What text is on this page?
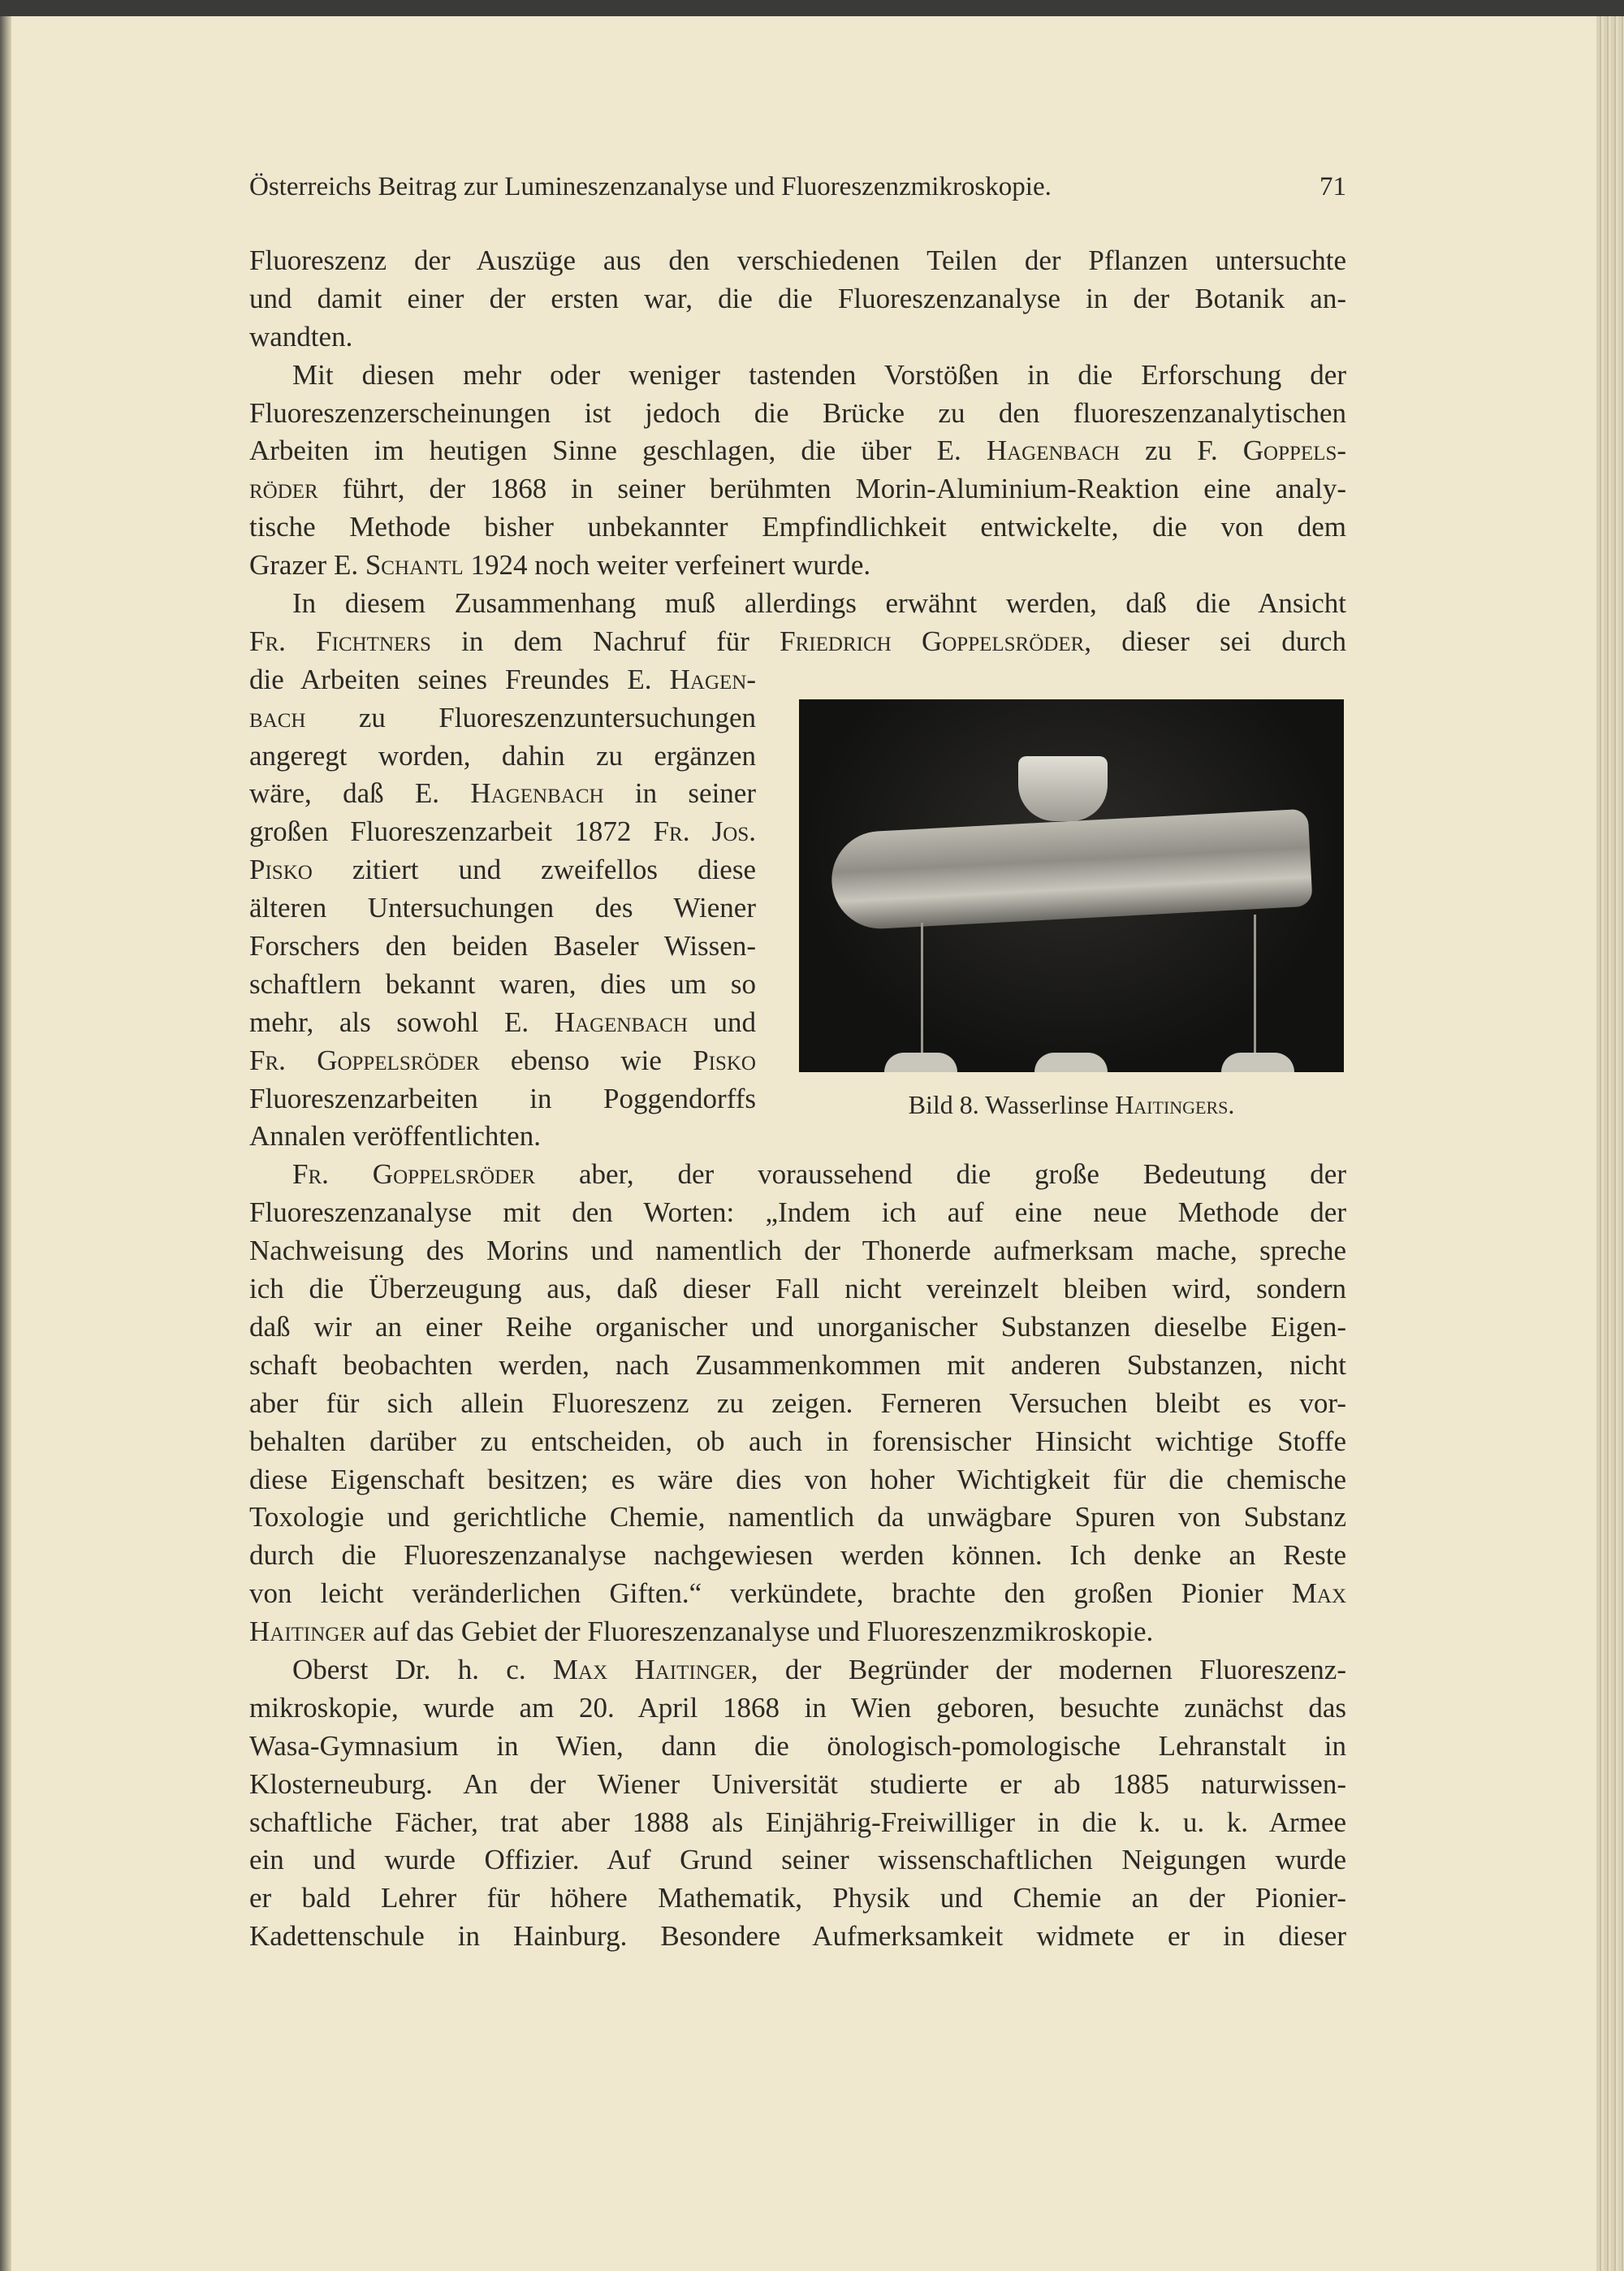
Österreichs Beitrag zur Lumineszenzanalyse und Fluoreszenzmikroskopie.	71
Fluoreszenz der Auszüge aus den verschiedenen Teilen der Pflanzen untersuchte
und damit einer der ersten war, die die Fluoreszenzanalyse in der Botanik an-
wandten.
Mit diesen mehr oder weniger tastenden Vorstößen in die Erforschung der
Fluoreszenzerscheinungen ist jedoch die Brücke zu den fluoreszenzanalytischen
Arbeiten im heutigen Sinne geschlagen, die über E. Hagenbach zu F. Goppels-
röder führt, der 1868 in seiner berühmten Morin-Aluminium-Reaktion eine analy-
tische Methode bisher unbekannter Empfindlichkeit entwickelte, die von dem
Grazer E. Schantl 1924 noch weiter verfeinert wurde.
In diesem Zusammenhang muß allerdings erwähnt werden, daß die Ansicht
Fr. Fichtners in dem Nachruf für Friedrich Goppelsröder, dieser sei durch
die Arbeiten seines Freundes E. Hagen-
bach zu Fluoreszenzuntersuchungen
angeregt worden, dahin zu ergänzen
wäre, daß E. Hagenbach in seiner
großen Fluoreszenzarbeit 1872 Fr. Jos.
Pisko zitiert und zweifellos diese
älteren Untersuchungen des Wiener
Forschers den beiden Baseler Wissen-
schaftlern bekannt waren, dies um so
mehr, als sowohl E. Hagenbach und
Fr. Goppelsröder ebenso wie Pisko
Fluoreszenzarbeiten in Poggendorffs
Annalen veröffentlichten.
Fr. Goppelsröder aber, der voraussehend die große Bedeutung der
Fluoreszenzanalyse mit den Worten: „Indem ich auf eine neue Methode der
Nachweisung des Morins und namentlich der Thonerde aufmerksam mache, spreche
ich die Überzeugung aus, daß dieser Fall nicht vereinzelt bleiben wird, sondern
daß wir an einer Reihe organischer und unorganischer Substanzen dieselbe Eigen-
schaft beobachten werden, nach Zusammenkommen mit anderen Substanzen, nicht
aber für sich allein Fluoreszenz zu zeigen. Ferneren Versuchen bleibt es vor-
behalten darüber zu entscheiden, ob auch in forensischer Hinsicht wichtige Stoffe
diese Eigenschaft besitzen; es wäre dies von hoher Wichtigkeit für die chemische
Toxologie und gerichtliche Chemie, namentlich da unwägbare Spuren von Substanz
durch die Fluoreszenzanalyse nachgewiesen werden können. Ich denke an Reste
von leicht veränderlichen Giften.“ verkündete, brachte den großen Pionier Max
Haitinger auf das Gebiet der Fluoreszenzanalyse und Fluoreszenzmikroskopie.
Oberst Dr. h. c. Max Haitinger, der Begründer der modernen Fluoreszenz-
mikroskopie, wurde am 20. April 1868 in Wien geboren, besuchte zunächst das
Wasa-Gymnasium in Wien, dann die önologisch-pomologische Lehranstalt in
Klosterneuburg. An der Wiener Universität studierte er ab 1885 naturwissen-
schaftliche Fächer, trat aber 1888 als Einjährig-Freiwilliger in die k. u. k. Armee
ein und wurde Offizier. Auf Grund seiner wissenschaftlichen Neigungen wurde
er bald Lehrer für höhere Mathematik, Physik und Chemie an der Pionier-
Kadettenschule in Hainburg. Besondere Aufmerksamkeit widmete er in dieser
Bild 8. Wasserlinse Haitingers.
